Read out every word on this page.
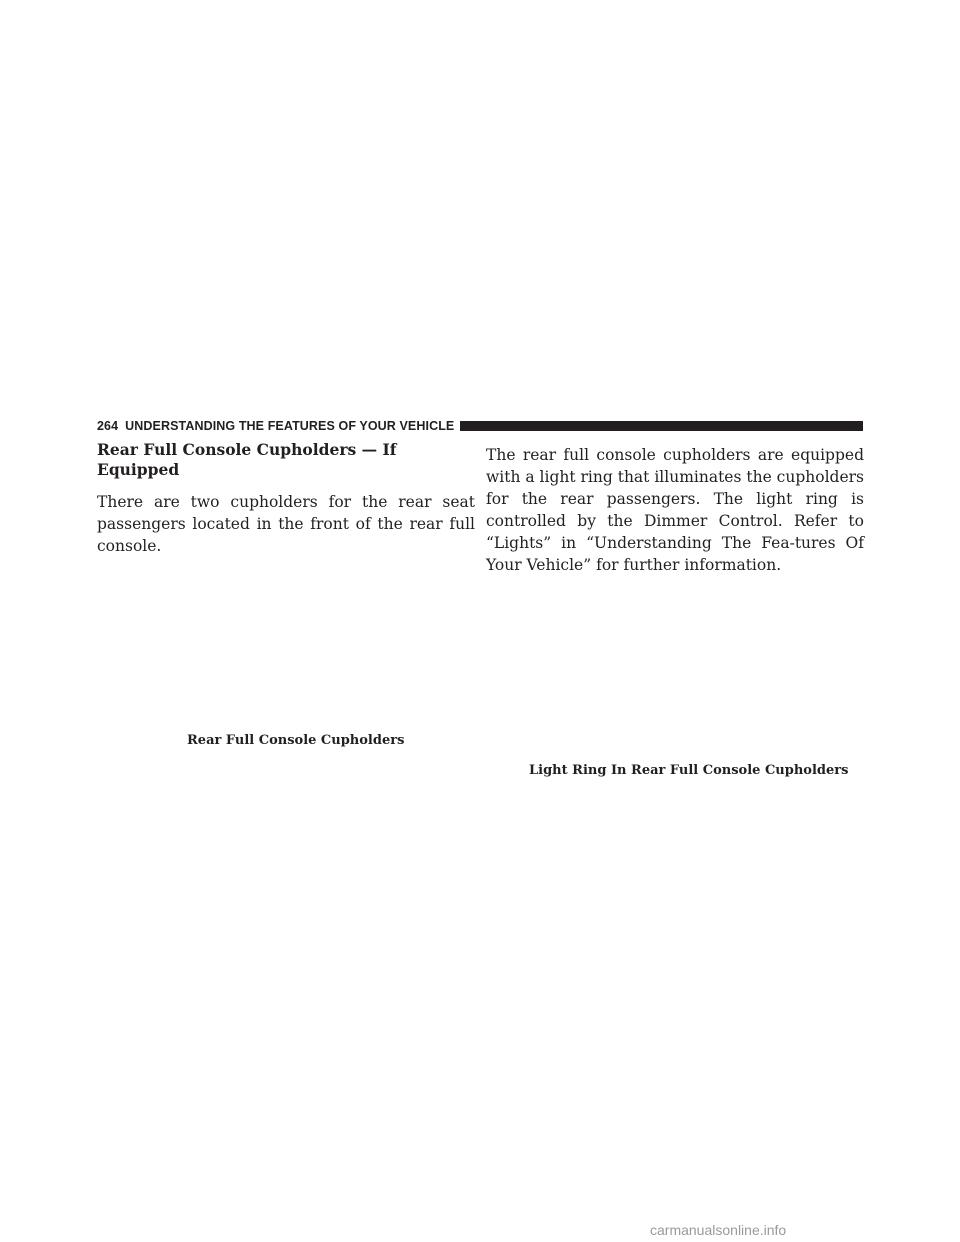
264 UNDERSTANDING THE FEATURES OF YOUR VEHICLE
Rear Full Console Cupholders — If Equipped

There are two cupholders for the rear seat passengers located in the front of the rear full console.

The rear full console cupholders are equipped with a light ring that illuminates the cupholders for the rear passengers. The light ring is controlled by the Dimmer Control. Refer to “Lights” in “Understanding The Fea-tures Of Your Vehicle” for further information.

Rear Full Console Cupholders
Light Ring In Rear Full Console Cupholders
carmanualsonline.info
